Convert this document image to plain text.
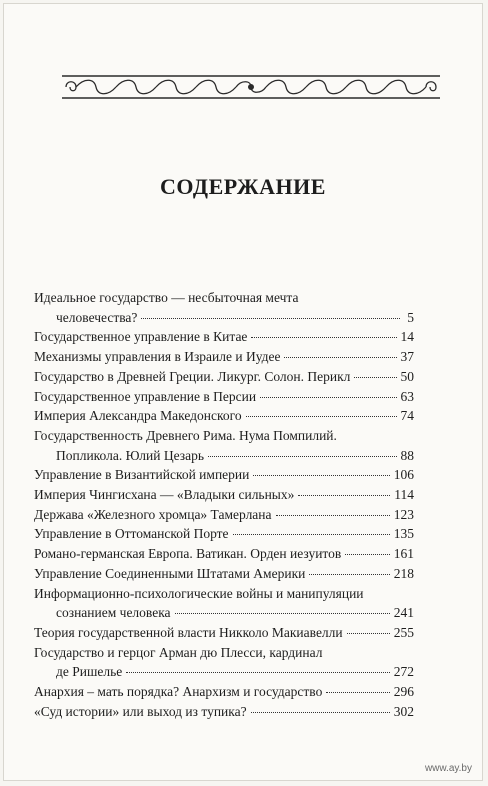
СОДЕРЖАНИЕ
Идеальное государство — несбыточная мечта
человечества?	5
Государственное управление в Китае	14
Механизмы управления в Израиле и Иудее	37
Государство в Древней Греции. Ликург. Солон. Перикл	50
Государственное управление в Персии	63
Империя Александра Македонского	74
Государственность Древнего Рима. Нума Помпилий.
Попликола. Юлий Цезарь	88
Управление в Византийской империи	106
Империя Чингисхана — «Владыки сильных»	114
Держава «Железного хромца» Тамерлана	123
Управление в Оттоманской Порте	135
Романо-германская Европа. Ватикан. Орден иезуитов	161
Управление Соединенными Штатами Америки	218
Информационно-психологические войны и манипуляции
сознанием человека	241
Теория государственной власти Никколо Макиавелли	255
Государство и герцог Арман дю Плесси, кардинал
де Ришелье	272
Анархия – мать порядка? Анархизм и государство	296
«Суд истории» или выход из тупика?	302
www.ay.by
